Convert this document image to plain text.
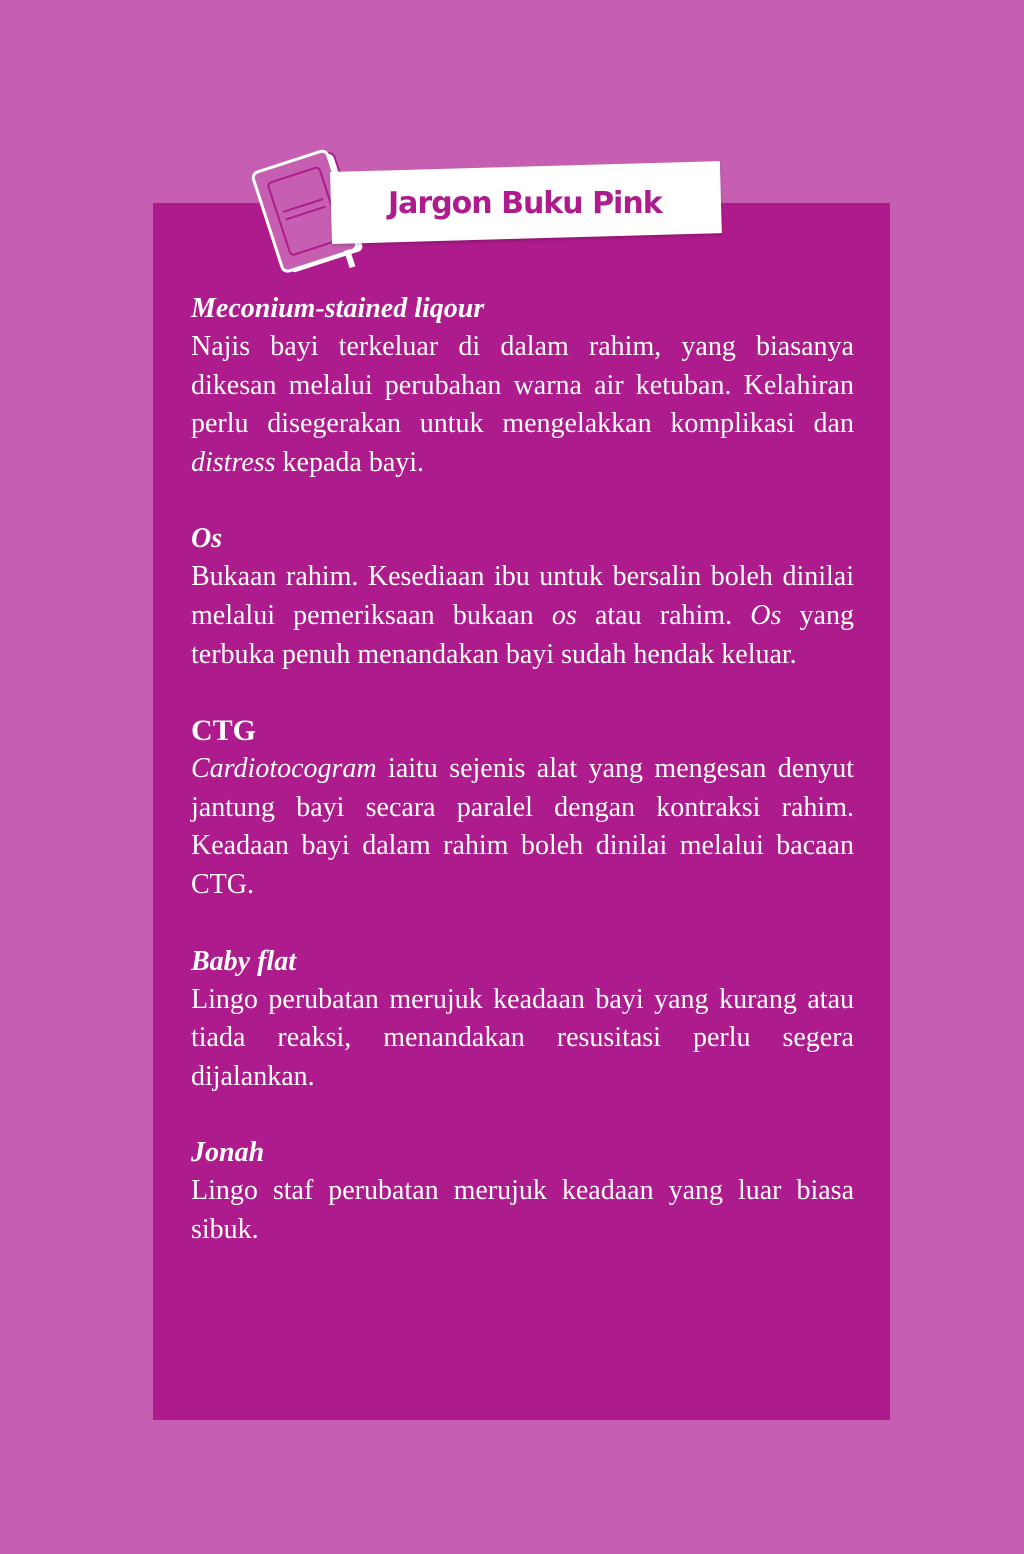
Jargon Buku Pink

Meconium-stained liqour

Najis bayi terkeluar di dalam rahim, yang biasanya dikesan melalui perubahan warna air ketuban. Kelahiran perlu disegerakan untuk mengelakkan komplikasi dan distress kepada bayi.

Os

Bukaan rahim. Kesediaan ibu untuk bersalin boleh dinilai melalui pemeriksaan bukaan os atau rahim. Os yang terbuka penuh menandakan bayi sudah hendak keluar.

CTG

Cardiotocogram iaitu sejenis alat yang mengesan denyut jantung bayi secara paralel dengan kontraksi rahim. Keadaan bayi dalam rahim boleh dinilai melalui bacaan CTG.

Baby flat

Lingo perubatan merujuk keadaan bayi yang kurang atau tiada reaksi, menandakan resusitasi perlu segera dijalankan.

Jonah

Lingo staf perubatan merujuk keadaan yang luar biasa sibuk.
